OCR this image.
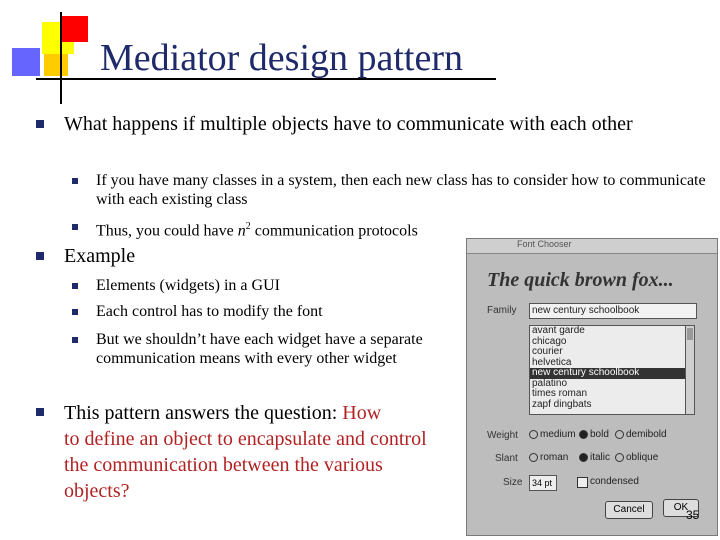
Mediator design pattern
What happens if multiple objects have to communicate with each other
If you have many classes in a system, then each new class has to consider how to communicate with each existing class
Thus, you could have $n^2$ communication protocols
Example
Elements (widgets) in a GUI
Each control has to modify the font
But we shouldn’t have each widget have a separate communication means with every other widget
This pattern answers the question: How
to define an object to encapsulate and control the communication between the various objects?
Font Chooser
The quick brown fox...
Family	new century schoolbook
avant garde
chicago
courier
helvetica
new century schoolbook
palatino
times roman
zapf dingbats
Weight	medium	bold	demibold
Slant	roman	italic	oblique
Size	34 pt	condensed
Cancel	OK
35
